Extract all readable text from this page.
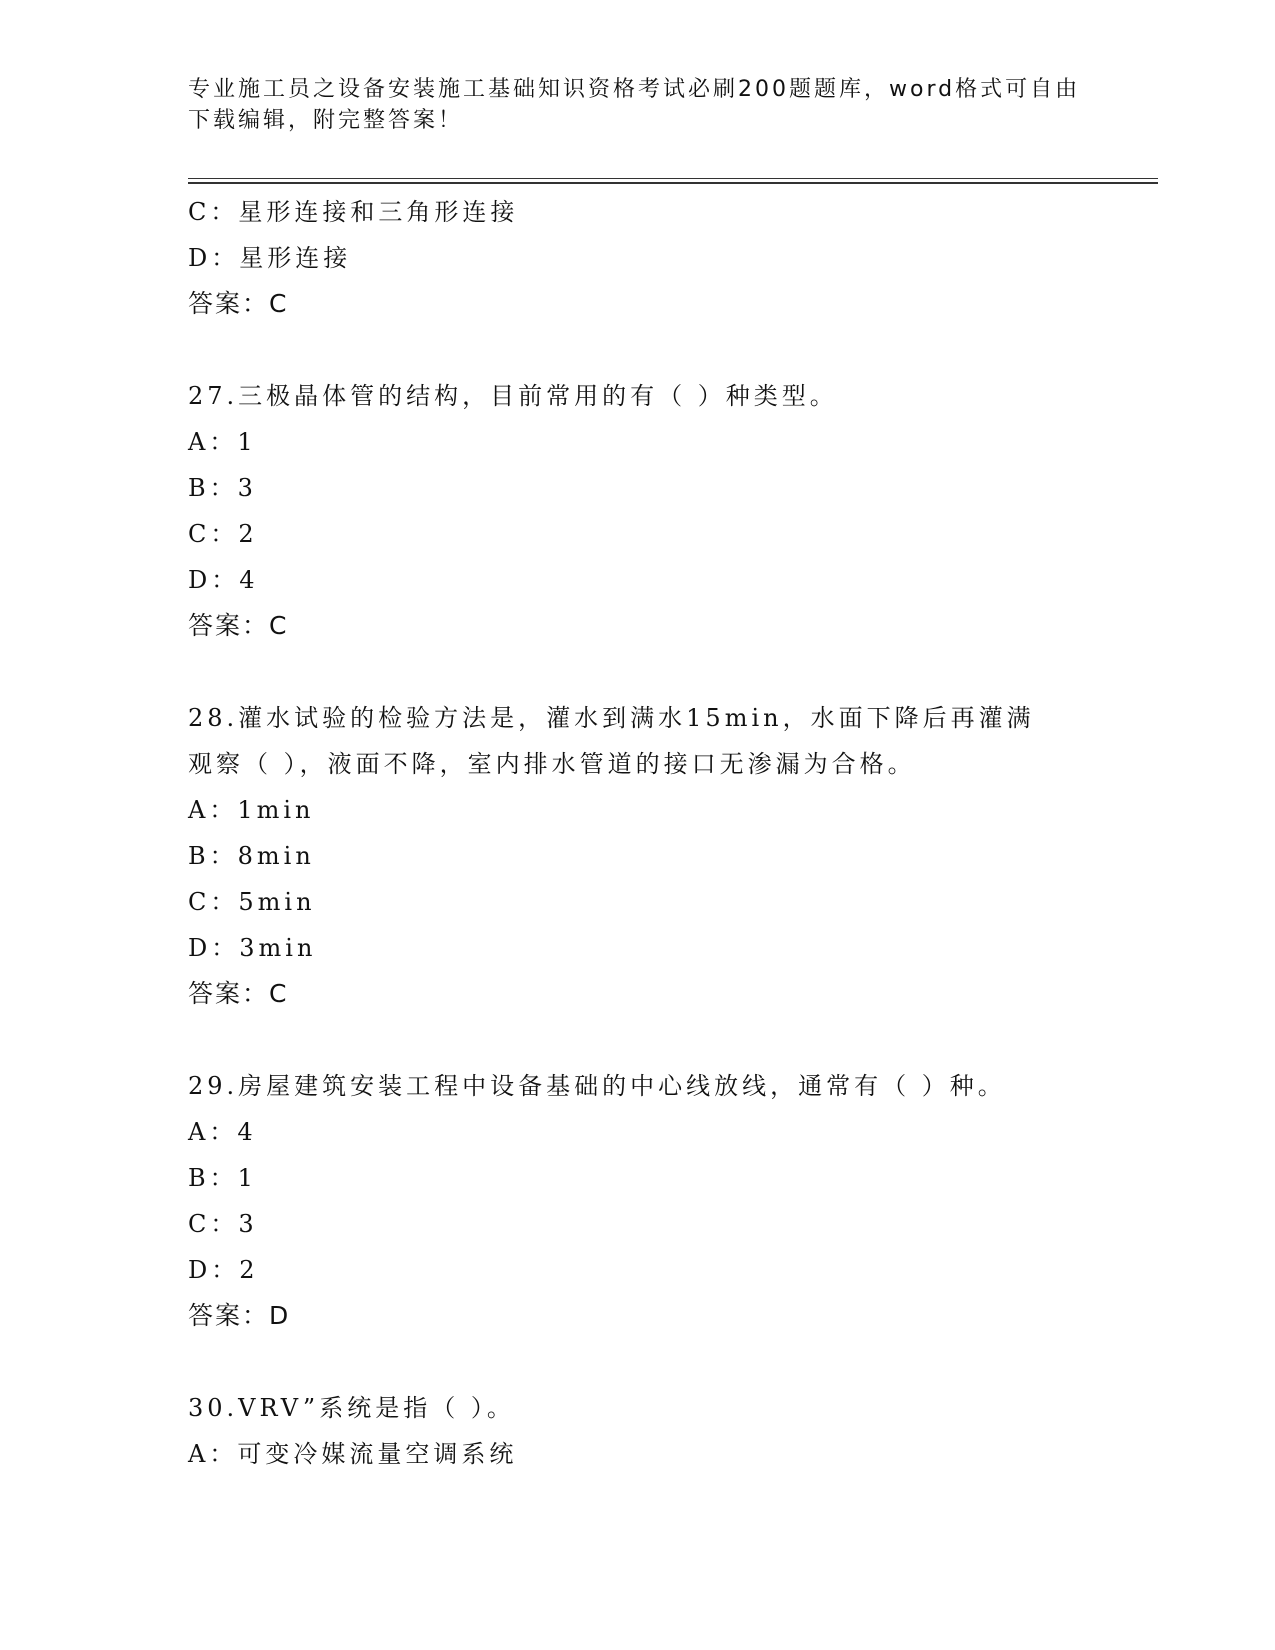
专业施工员之设备安装施工基础知识资格考试必刷200题题库，word格式可自由下载编辑，附完整答案！
C：星形连接和三角形连接
D：星形连接
答案：C
27.三极晶体管的结构，目前常用的有（ ）种类型。
A：1
B：3
C：2
D：4
答案：C
28.灌水试验的检验方法是，灌水到满水15min，水面下降后再灌满观察（ ），液面不降，室内排水管道的接口无渗漏为合格。
A：1min
B：8min
C：5min
D：3min
答案：C
29.房屋建筑安装工程中设备基础的中心线放线，通常有（ ）种。
A：4
B：1
C：3
D：2
答案：D
30.VRV”系统是指（ ）。
A：可变冷媒流量空调系统
